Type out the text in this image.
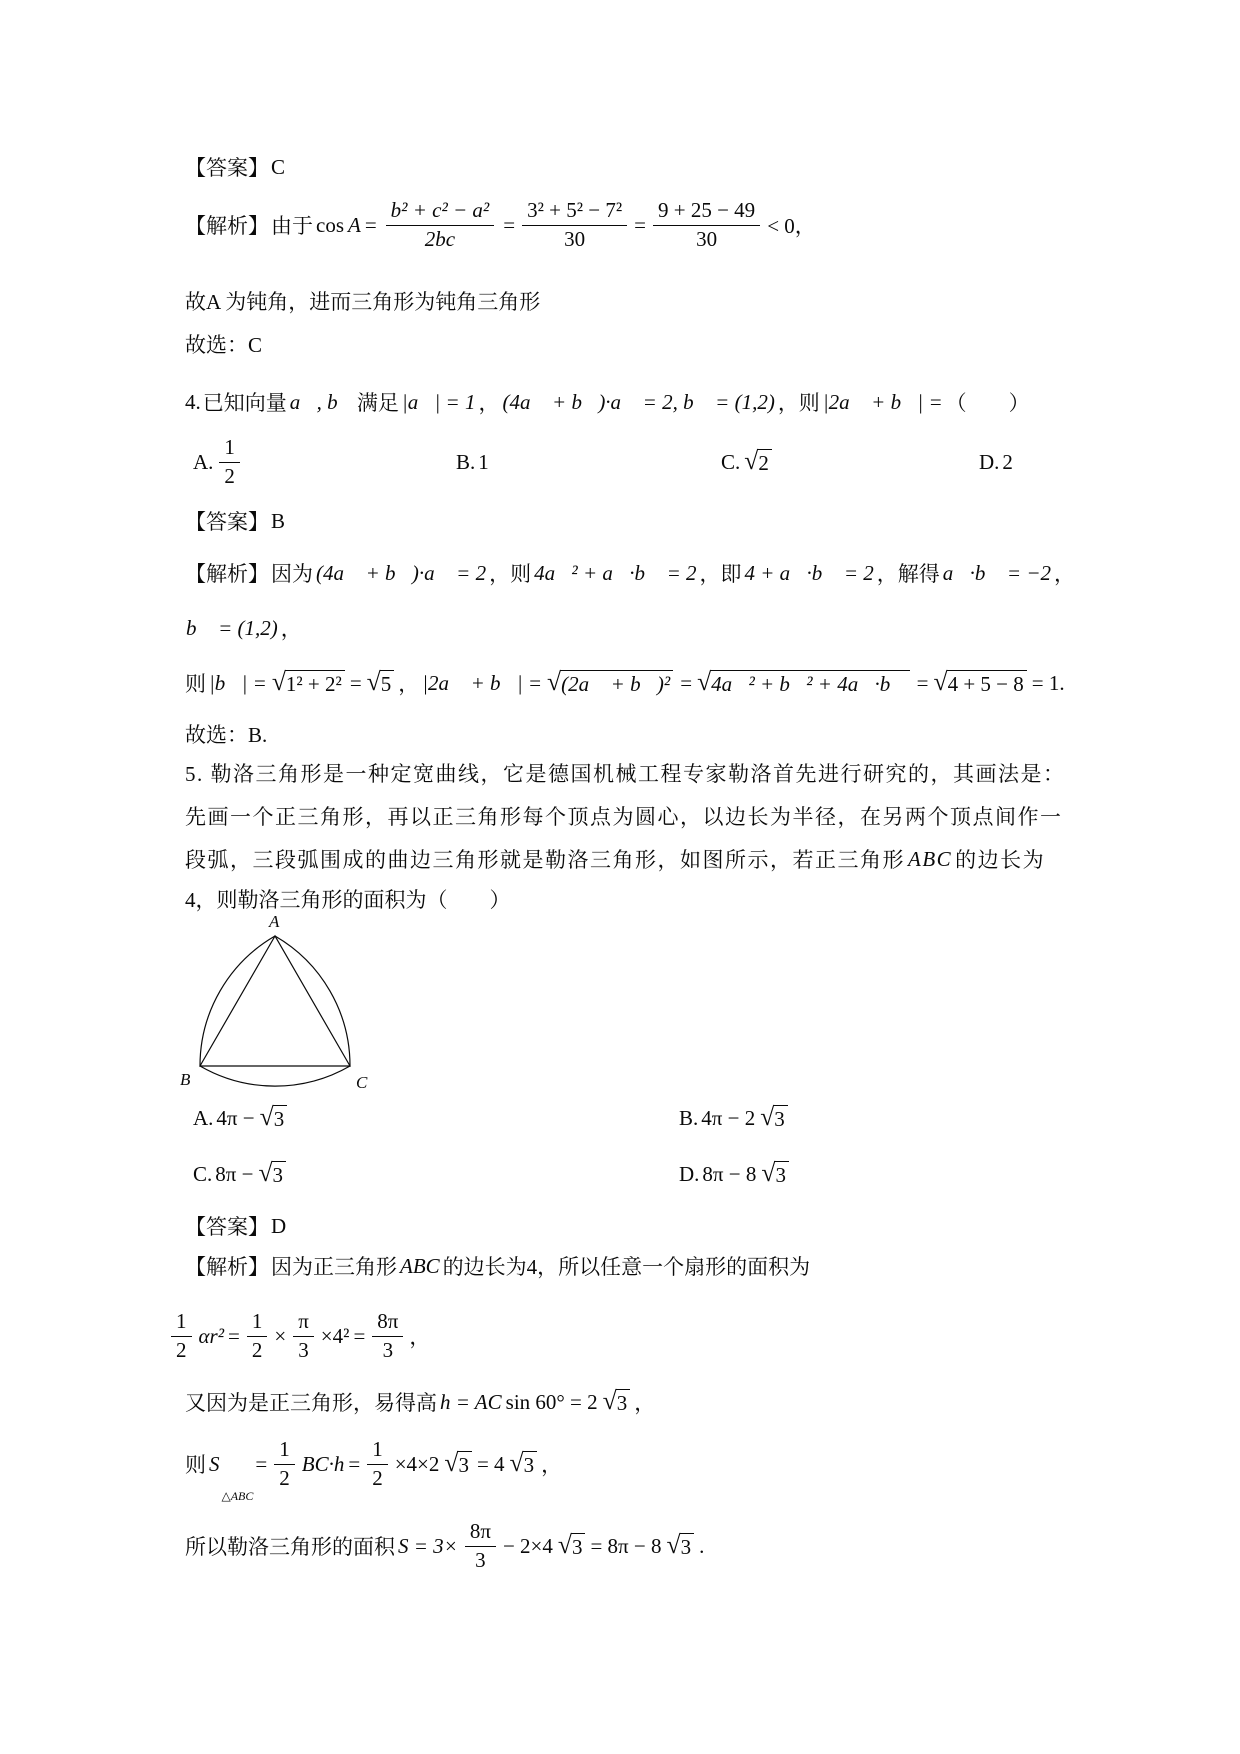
【答案】 C
【解析】 由于 $\cos A = \frac{\text{b² + c² − a²}}{2bc} = \frac{\text{3² + 5² − 7²}}{30} = \frac{9 + 25 - 49}{30} < 0$，
故A 为钝角，进而三角形为钝角三角形
故选：C
4. 已知向量 a⃗, b⃗ 满足 |a⃗| = 1 ， (4a⃗ + b⃗)·a⃗ = 2, b⃗ = (1,2) ，则 |2a⃗ + b⃗| = （　　）
A. $\frac{1}{2}$	B. 1	C. √ 2	D. 2
【答案】 B
【解析】 因为 (4a⃗ + b⃗)·a⃗ = 2 ，则 4a⃗² + a⃗·b⃗ = 2 ，即 4 + a⃗·b⃗ = 2 ，解得 a⃗·b⃗ = −2 ，
b⃗ = (1,2) ，
则 |b⃗| = √ 1² + 2² = √ 5 ， |2a⃗ + b⃗| = √ (2a⃗ + b⃗)² = √ 4a⃗² + b⃗² + 4a⃗·b⃗ = √ 4 + 5 − 8 = 1.
故选：B.
5. 勒洛三角形是一种定宽曲线，它是德国机械工程专家勒洛首先进行研究的，其画法是：
先画一个正三角形，再以正三角形每个顶点为圆心，以边长为半径，在另两个顶点间作一
段弧，三段弧围成的曲边三角形就是勒洛三角形，如图所示，若正三角形 ABC 的边长为
4，则勒洛三角形的面积为（　　）
A
B	C
A. 4π − √ 3	B. 4π − 2 √ 3
C. 8π − √ 3	D. 8π − 8 √ 3
【答案】 D
【解析】 因为正三角形 ABC 的边长为4，所以任意一个扇形的面积为
$\frac{1}{2} \alpha r^2 = \frac{1}{2} \times \frac{\pi}{3} \times 4^2 = \frac{8\pi}{3}$ ，
又因为是正三角形，易得高 h = AC sin 60° = 2 √ 3 ，
则 S
△ABC
= $\frac{1}{2} BC\cdot h = \frac{1}{2} \times 4\times 2$ √ 3 = 4 √ 3 ，
所以勒洛三角形的面积 $S = 3\times \frac{8\pi}{3} - 2\times 4$ √ 3 = 8π − 8 √ 3 .
